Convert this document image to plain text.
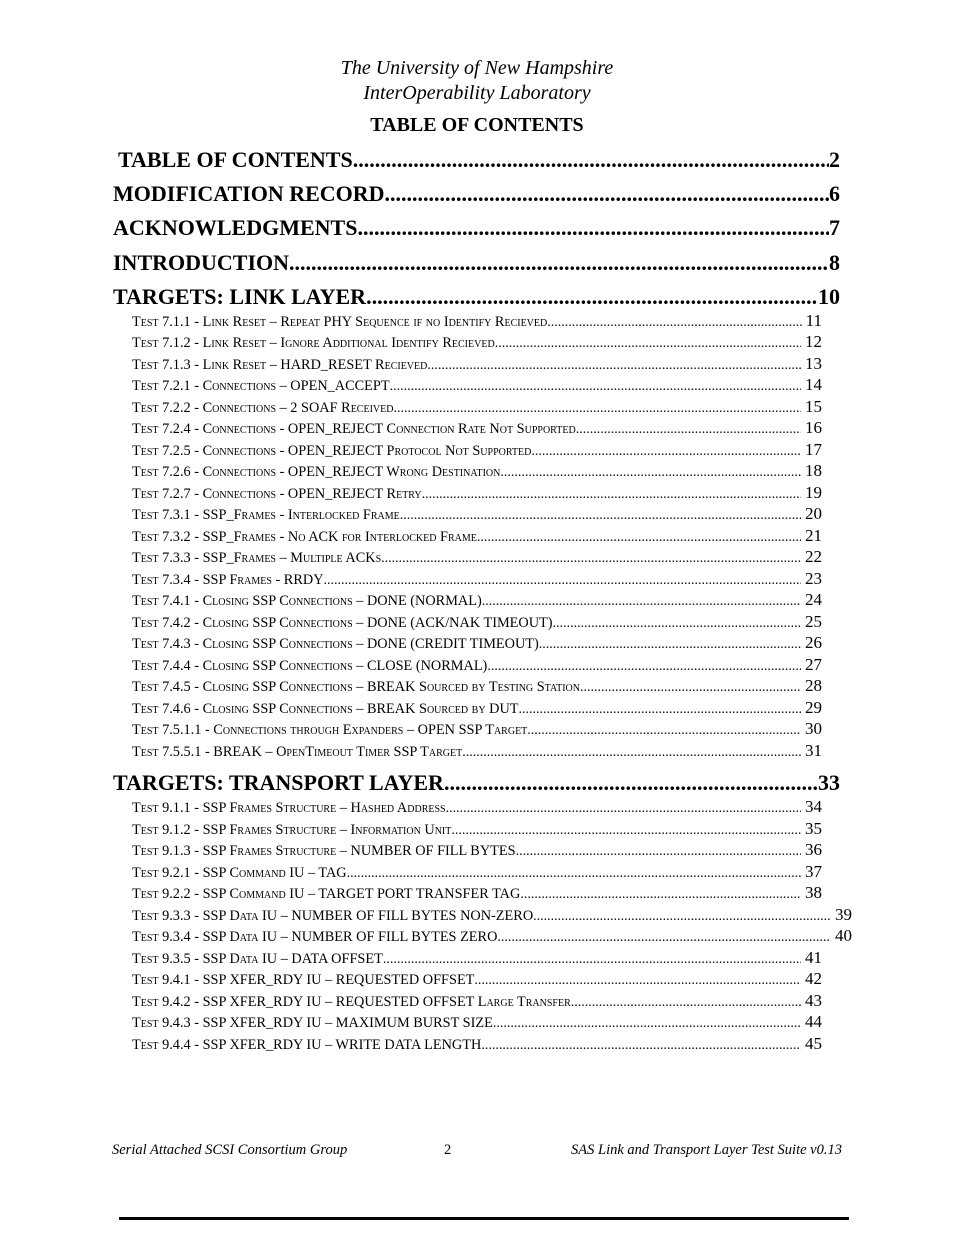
The University of New Hampshire
InterOperability Laboratory
TABLE OF CONTENTS
TABLE OF CONTENTS .....	2
MODIFICATION RECORD .....	6
ACKNOWLEDGMENTS .....	7
INTRODUCTION .....	8
TARGETS: LINK LAYER .....	10
Test 7.1.1 - Link Reset – Repeat PHY Sequence if no Identify Recieved .....	11
Test 7.1.2 - Link Reset – Ignore Additional Identify Recieved .....	12
Test 7.1.3 - Link Reset – HARD_RESET Recieved .....	13
Test 7.2.1 - Connections – OPEN_ACCEPT .....	14
Test 7.2.2 - Connections – 2 SOAF Received .....	15
Test 7.2.4 - Connections - OPEN_REJECT Connection Rate Not Supported .....	16
Test 7.2.5 - Connections - OPEN_REJECT Protocol Not Supported .....	17
Test 7.2.6 - Connections - OPEN_REJECT Wrong Destination .....	18
Test 7.2.7 - Connections - OPEN_REJECT Retry .....	19
Test 7.3.1 - SSP_Frames - Interlocked Frame .....	20
Test 7.3.2 - SSP_Frames - No ACK for Interlocked Frame .....	21
Test 7.3.3 - SSP_Frames – Multiple ACKs .....	22
Test 7.3.4 - SSP Frames - RRDY .....	23
Test 7.4.1 - Closing SSP Connections – DONE (NORMAL) .....	24
Test 7.4.2 - Closing SSP Connections – DONE (ACK/NAK TIMEOUT) .....	25
Test 7.4.3 - Closing SSP Connections – DONE (CREDIT TIMEOUT) .....	26
Test 7.4.4 - Closing SSP Connections – CLOSE (NORMAL) .....	27
Test 7.4.5 - Closing SSP Connections – BREAK Sourced by Testing Station .....	28
Test 7.4.6 - Closing SSP Connections – BREAK Sourced by DUT .....	29
Test 7.5.1.1 - Connections through Expanders – OPEN SSP Target .....	30
Test 7.5.5.1 - BREAK – OpenTimeout Timer SSP Target .....	31
TARGETS: TRANSPORT LAYER .....	33
Test 9.1.1 - SSP Frames Structure – Hashed Address .....	34
Test 9.1.2 - SSP Frames Structure – Information Unit .....	35
Test 9.1.3 - SSP Frames Structure – NUMBER OF FILL BYTES .....	36
Test 9.2.1 - SSP Command IU – TAG .....	37
Test 9.2.2 - SSP Command IU – TARGET PORT TRANSFER TAG .....	38
Test 9.3.3 - SSP Data IU – NUMBER OF FILL BYTES NON-ZERO .....	39
Test 9.3.4 - SSP Data IU – NUMBER OF FILL BYTES ZERO .....	40
Test 9.3.5 - SSP Data IU – DATA OFFSET .....	41
Test 9.4.1 - SSP XFER_RDY IU – REQUESTED OFFSET .....	42
Test 9.4.2 - SSP XFER_RDY IU – REQUESTED OFFSET Large Transfer .....	43
Test 9.4.3 - SSP XFER_RDY IU – MAXIMUM BURST SIZE .....	44
Test 9.4.4 - SSP XFER_RDY IU – WRITE DATA LENGTH .....	45
Serial Attached SCSI Consortium Group	2	SAS Link and Transport Layer Test Suite v0.13
